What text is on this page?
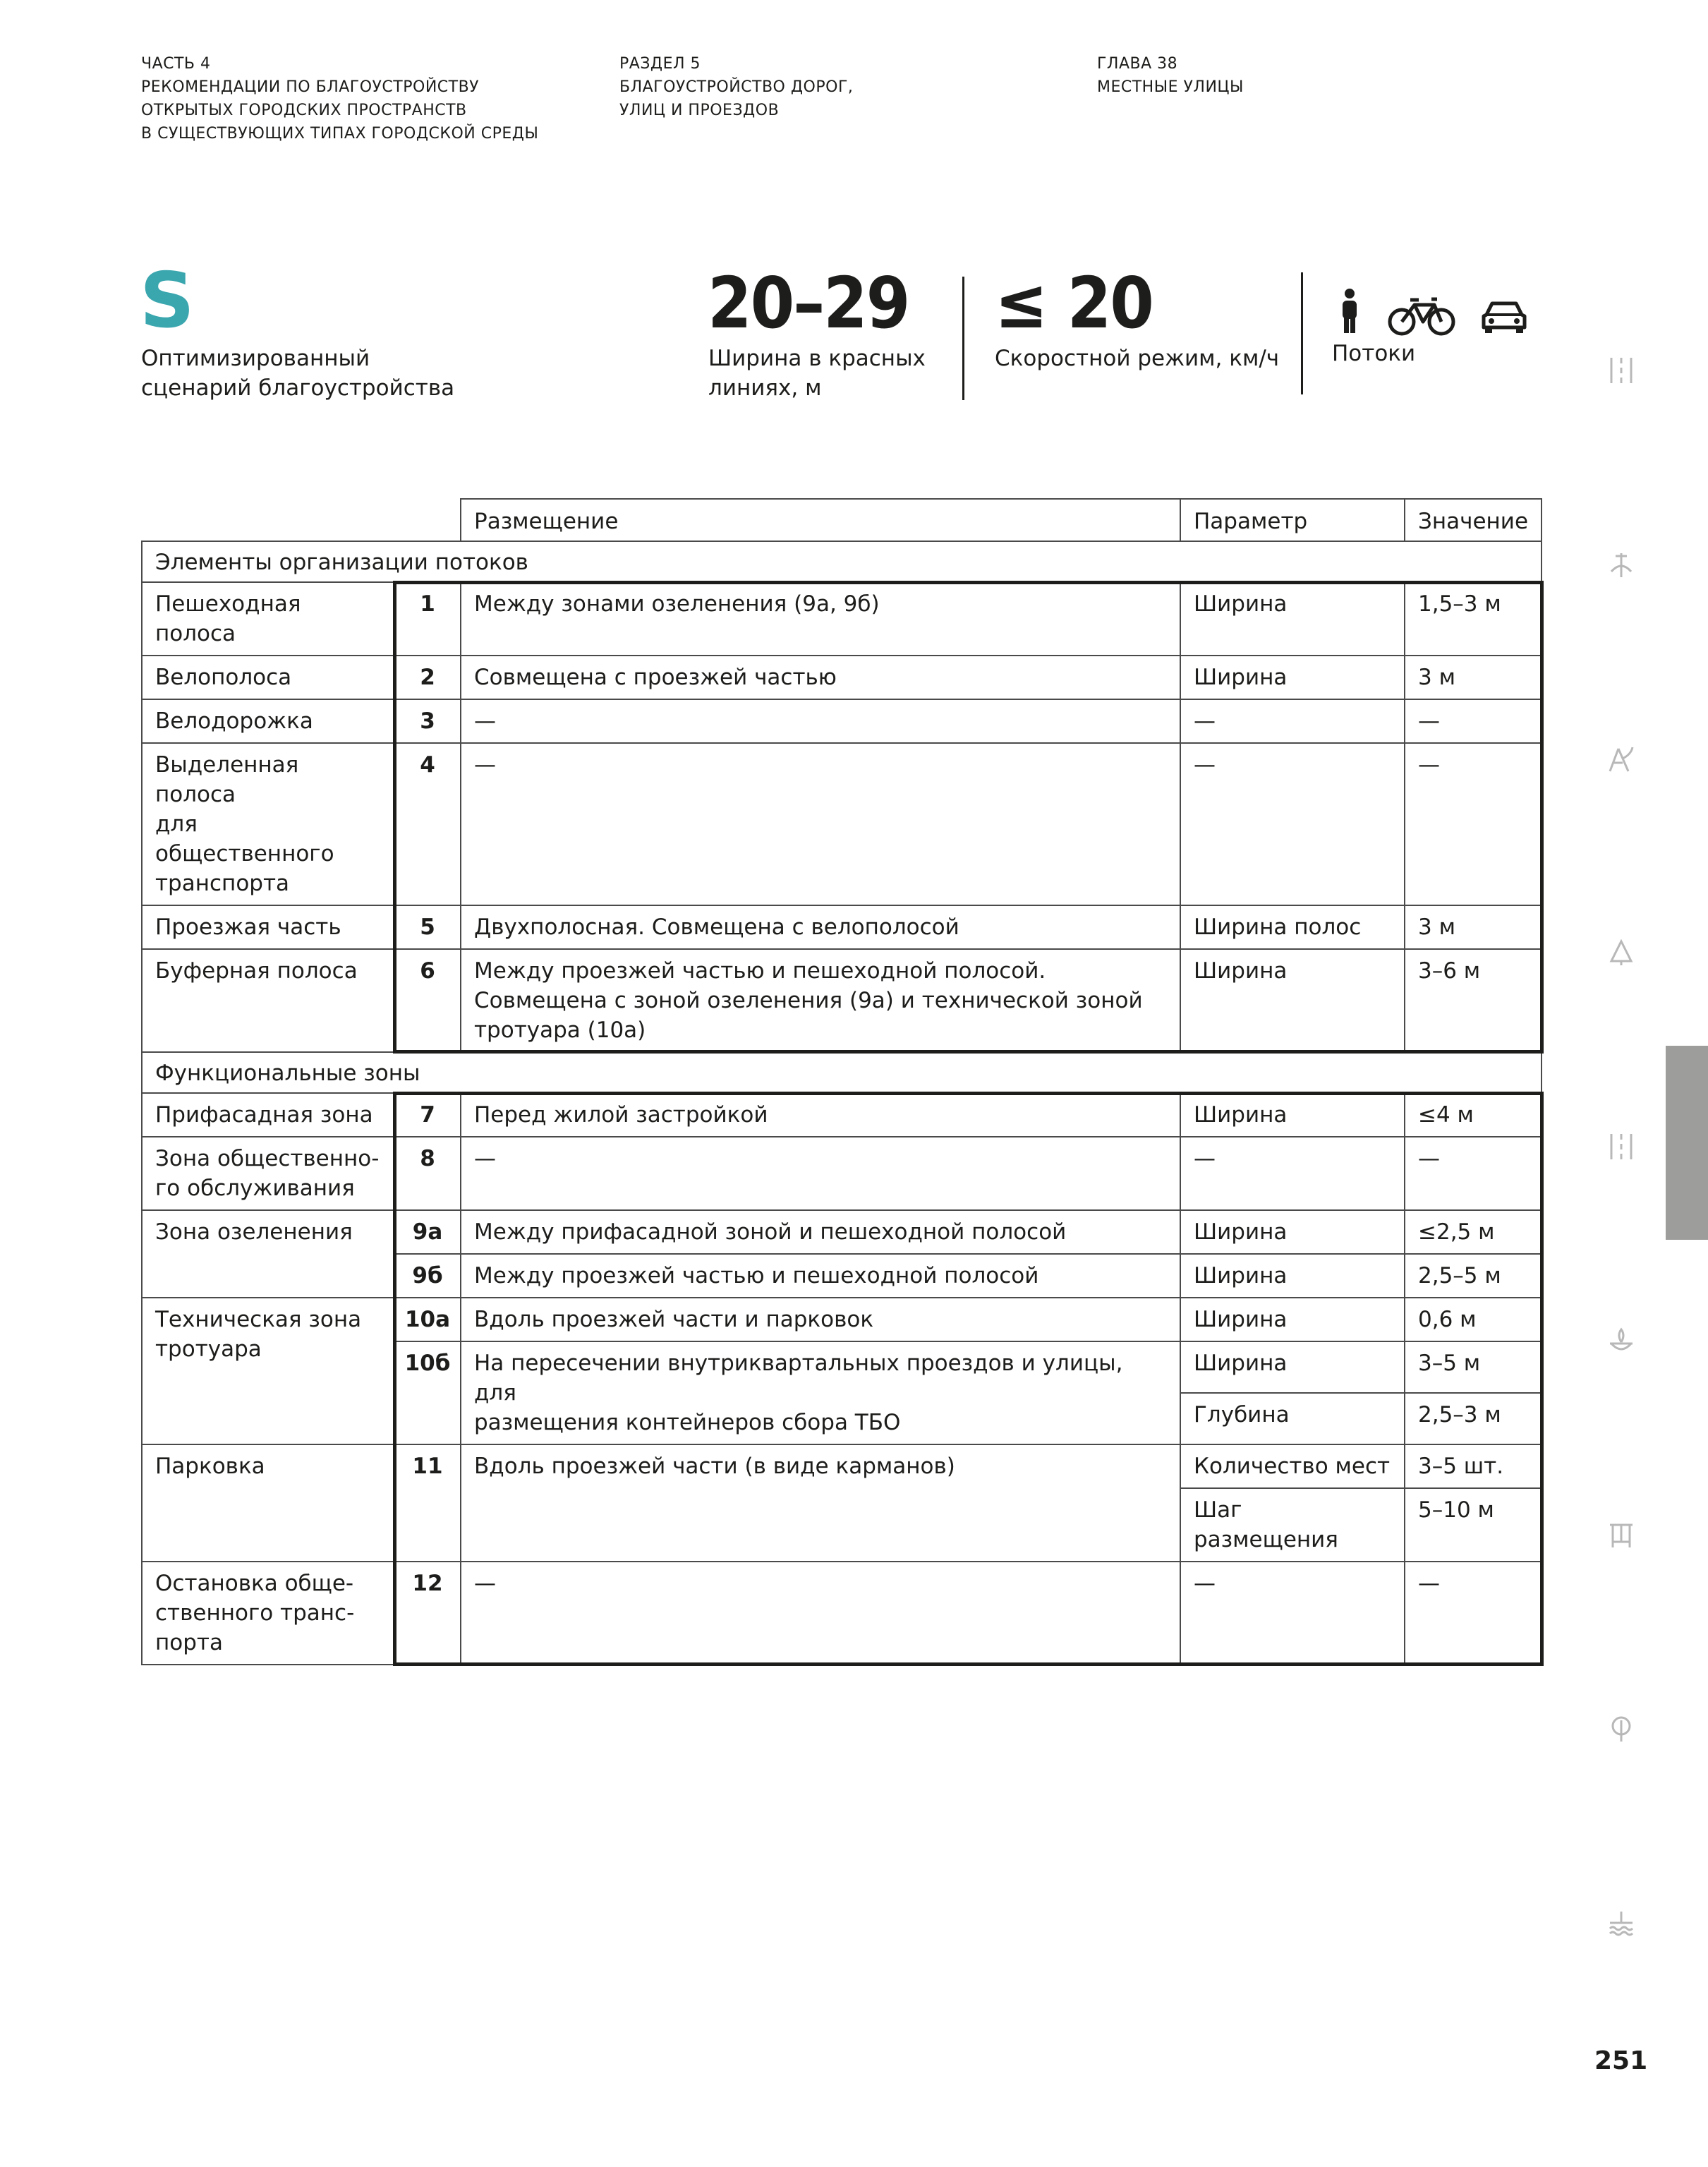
ЧАСТЬ 4
РЕКОМЕНДАЦИИ ПО БЛАГОУСТРОЙСТВУ
ОТКРЫТЫХ ГОРОДСКИХ ПРОСТРАНСТВ
В СУЩЕСТВУЮЩИХ ТИПАХ ГОРОДСКОЙ СРЕДЫ
РАЗДЕЛ 5
БЛАГОУСТРОЙСТВО ДОРОГ,
УЛИЦ И ПРОЕЗДОВ
ГЛАВА 38
МЕСТНЫЕ УЛИЦЫ
S
Оптимизированный
сценарий благоустройства
20–29
Ширина в красных
линиях, м
≤ 20
Скоростной режим, км/ч Потоки
		Размещение	Параметр	Значение
Элементы организации потоков				
Пешеходная полоса	1	Между зонами озеленения (9а, 9б)	Ширина	1,5–3 м
Велополоса	2	Совмещена с проезжей частью	Ширина	3 м
Велодорожка	3	—	—	—

Выделенная полоса
для общественного
транспорта	4	—	—	—
Проезжая часть	5	Двухполосная. Совмещена с велополосой	Ширина полос	3 м
Буферная полоса	6	Между проезжей частью и пешеходной полосой.
Совмещена с зоной озеленения (9а) и технической зоной
тротуара (10а)	Ширина	3–6 м
Функциональные зоны				
Прифасадная зона	7	Перед жилой застройкой	Ширина	≤4 м

Зона общественно-
го обслуживания	8	—	—	—
Зона озеленения	9а	Между прифасадной зоной и пешеходной полосой	Ширина	≤2,5 м
	9б	Между проезжей частью и пешеходной полосой	Ширина	2,5–5 м

Техническая зона
тротуара	10а	Вдоль проезжей части и парковок	Ширина	0,6 м
	10б	На пересечении внутриквартальных проездов и улицы, для
размещения контейнеров сбора ТБО	Ширина	3–5 м
			Глубина	2,5–3 м
Парковка	11	Вдоль проезжей части (в виде карманов)	Количество мест	3–5 шт.
			Шаг размещения	5–10 м

Остановка обще-
ственного транс-
порта	12	—	—	—
251
